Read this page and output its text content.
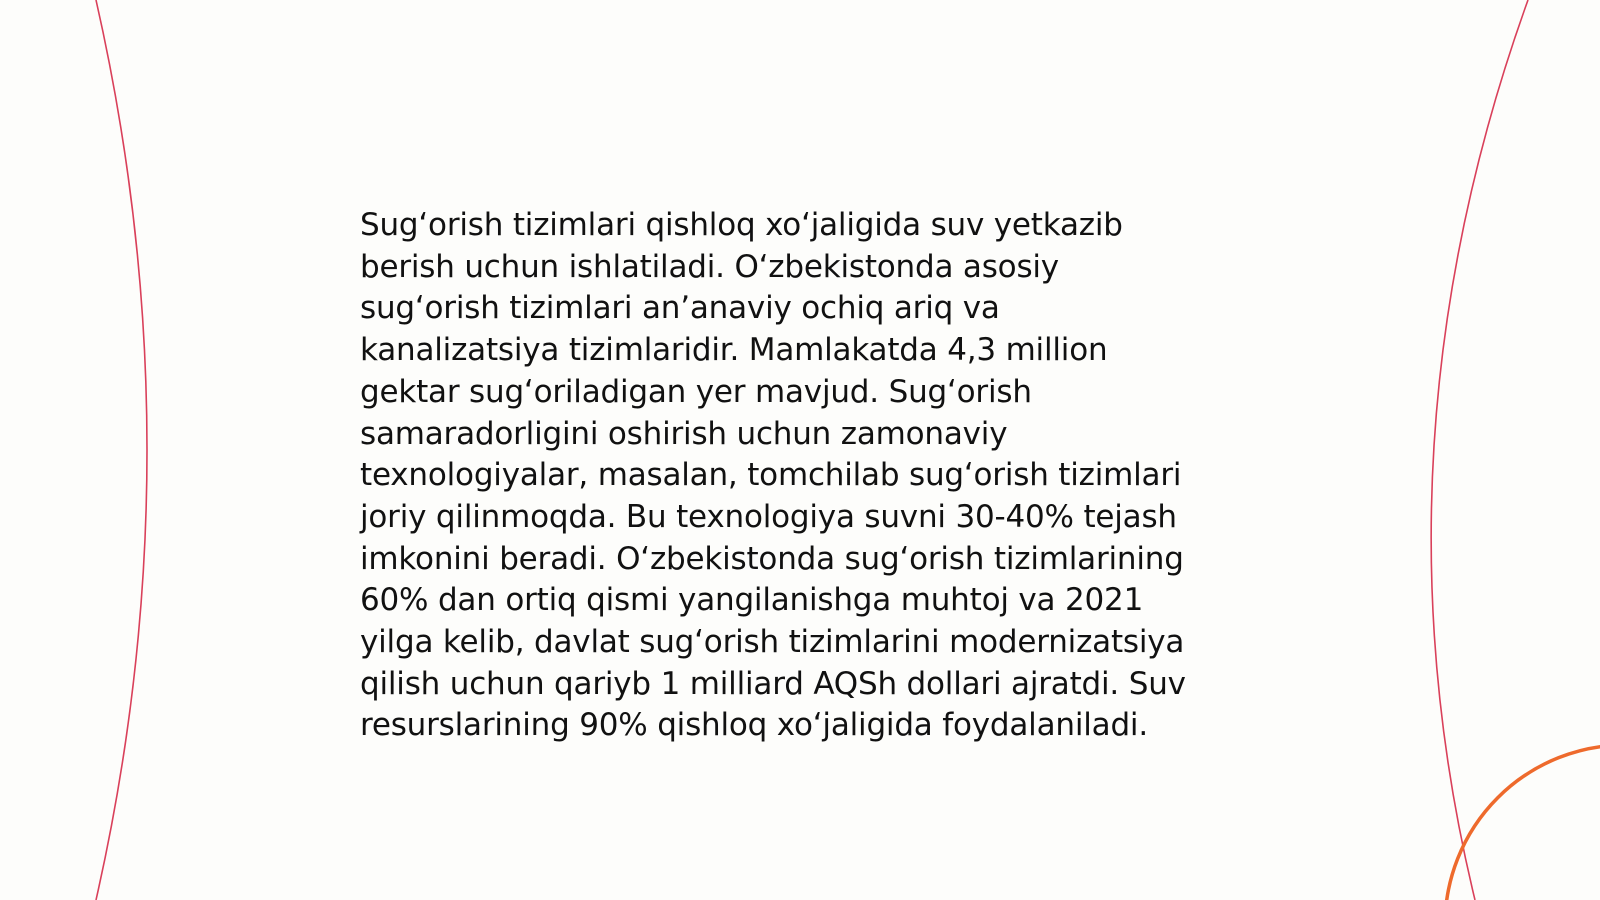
Sug‘orish tizimlari qishloq xo‘jaligida suv yetkazib
berish uchun ishlatiladi. O‘zbekistonda asosiy
sug‘orish tizimlari an’anaviy ochiq ariq va
kanalizatsiya tizimlaridir. Mamlakatda 4,3 million
gektar sug‘oriladigan yer mavjud. Sug‘orish
samaradorligini oshirish uchun zamonaviy
texnologiyalar, masalan, tomchilab sug‘orish tizimlari
joriy qilinmoqda. Bu texnologiya suvni 30-40% tejash
imkonini beradi. O‘zbekistonda sug‘orish tizimlarining
60% dan ortiq qismi yangilanishga muhtoj va 2021
yilga kelib, davlat sug‘orish tizimlarini modernizatsiya
qilish uchun qariyb 1 milliard AQSh dollari ajratdi. Suv
resurslarining 90% qishloq xo‘jaligida foydalaniladi.
